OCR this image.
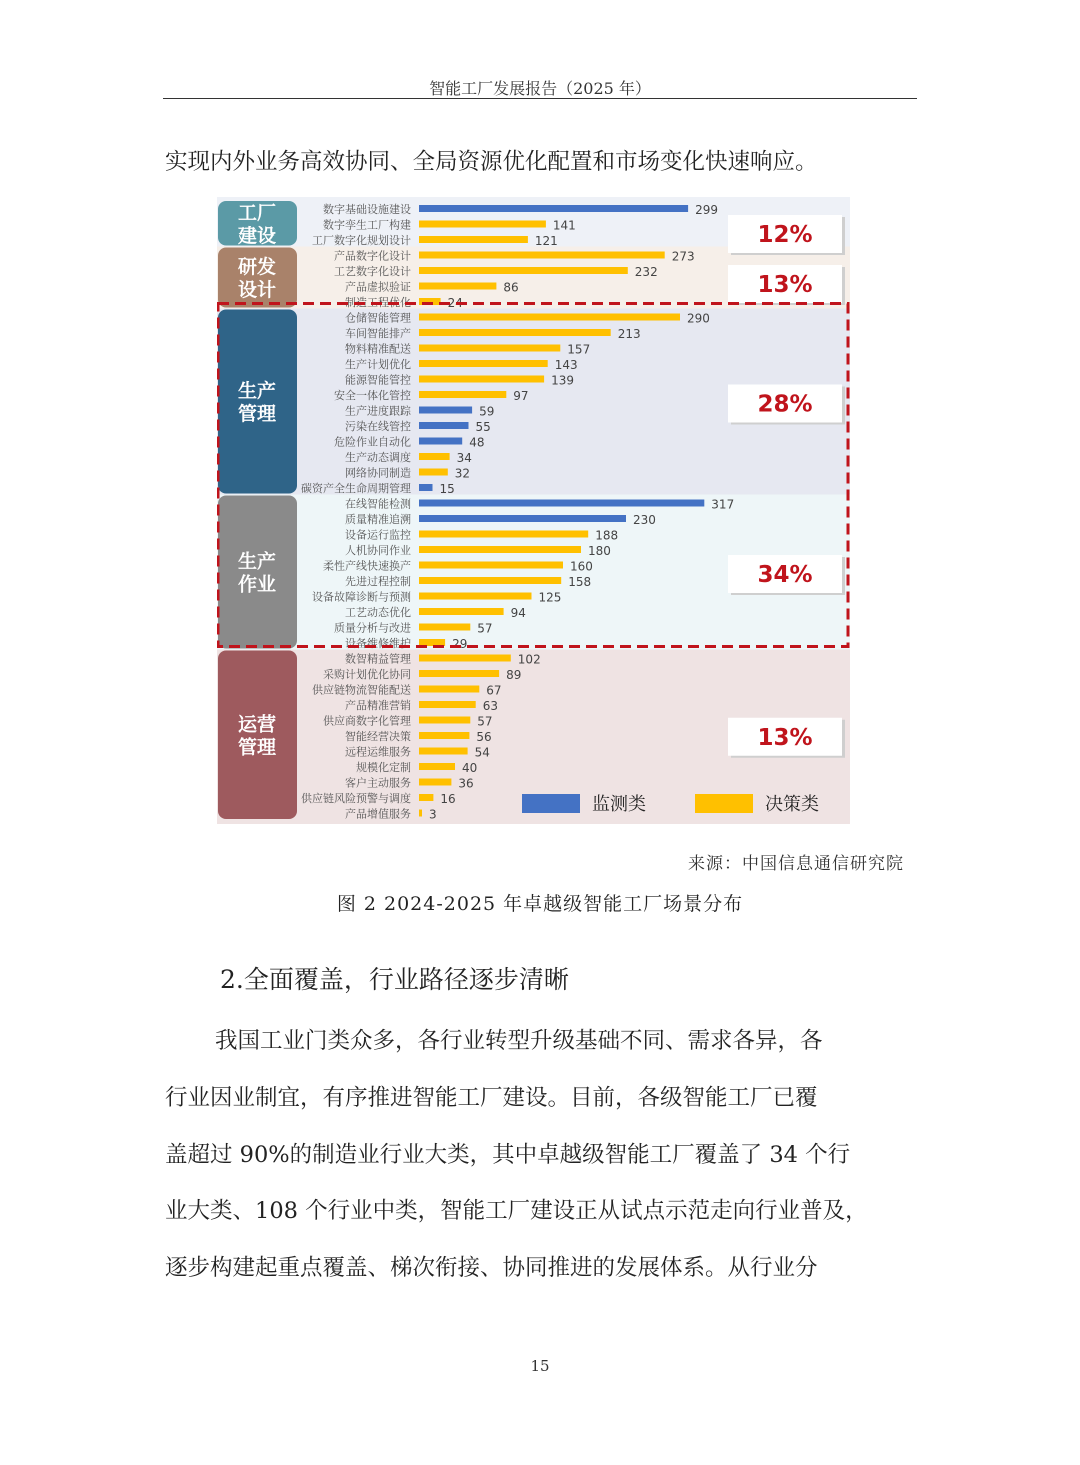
智能工厂发展报告（2025 年）
实现内外业务高效协同、全局资源优化配置和市场变化快速响应。
工厂
建设
研发
设计
生产
管理
生产
作业
运营
管理
数字基础设施建设	299
数字孪生工厂构建	141
工厂数字化规划设计	121
产品数字化设计	273
工艺数字化设计	232
产品虚拟验证	86
制造工程优化	24
仓储智能管理	290
车间智能排产	213
物料精准配送	157
生产计划优化	143
能源智能管控	139
安全一体化管控	97
生产进度跟踪	59
污染在线管控	55
危险作业自动化	48
生产动态调度	34
网络协同制造	32
碳资产全生命周期管理 15
在线智能检测	317
质量精准追溯	230
设备运行监控	188
人机协同作业	180
柔性产线快速换产	160
先进过程控制	158
设备故障诊断与预测	125
工艺动态优化	94
质量分析与改进	57
设备维修维护	29
数智精益管理	102
采购计划优化协同	89
供应链物流智能配送	67
产品精准营销	63
供应商数字化管理	57
智能经营决策	56
远程运维服务	54
规模化定制	40
客户主动服务	36
供应链风险预警与调度 16
产品增值服务 3
12%
13%
28%
34%
13%
监测类	决策类
来源：中国信息通信研究院
图 2 2024-2025 年卓越级智能工厂场景分布
2.全面覆盖，行业路径逐步清晰
我国工业门类众多，各行业转型升级基础不同、需求各异，各
行业因业制宜，有序推进智能工厂建设。目前，各级智能工厂已覆
盖超过 90%的制造业行业大类，其中卓越级智能工厂覆盖了 34 个行
业大类、108 个行业中类，智能工厂建设正从试点示范走向行业普及，
逐步构建起重点覆盖、梯次衔接、协同推进的发展体系。从行业分
15
